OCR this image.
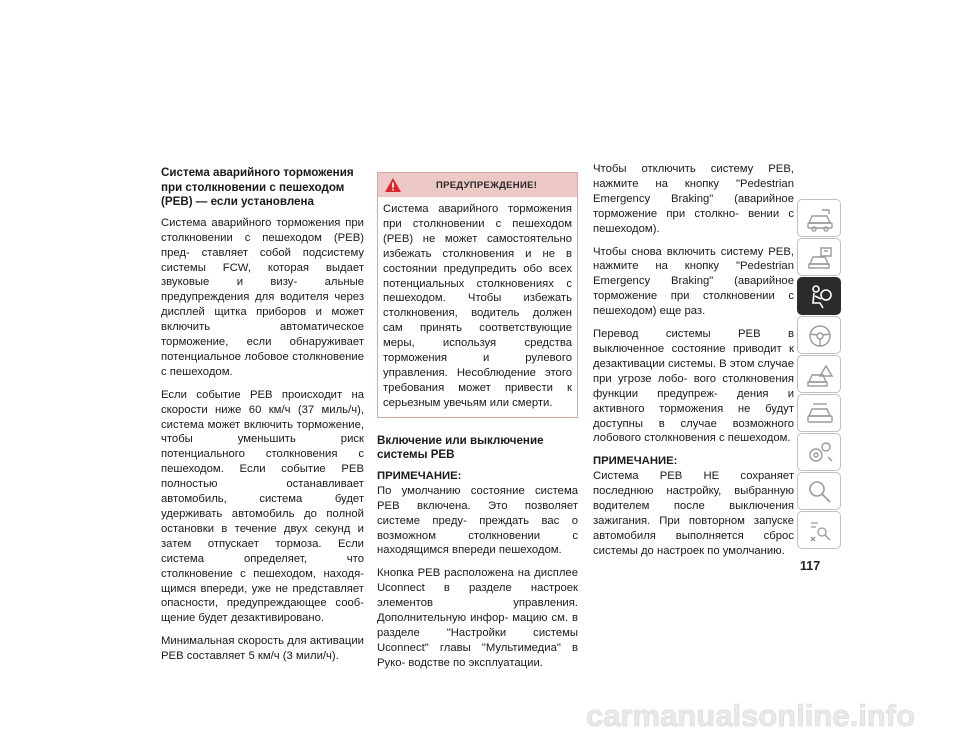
Система аварийного торможения при столкновении с пешеходом (PEB) — если установлена

Система аварийного торможения при столкновении с пешеходом (PEB) пред- ставляет собой подсистему системы FCW, которая выдает звуковые и визу- альные предупреждения для водителя через дисплей щитка приборов и может включить автоматическое торможение, если обнаруживает потенциальное лобовое столкновение с пешеходом.

Если событие PEB происходит на скорости ниже 60 км/ч (37 миль/ч), система может включить торможение, чтобы уменьшить риск потенциального столкновения с пешеходом. Если событие PEB полностью останавливает автомобиль, система будет удерживать автомобиль до полной остановки в течение двух секунд и затем отпускает тормоза. Если система определяет, что столкновение с пешеходом, находя- щимся впереди, уже не представляет опасности, предупреждающее сооб- щение будет дезактивировано.

Минимальная скорость для активации PEB составляет 5 км/ч (3 мили/ч).

ПРЕДУПРЕЖДЕНИЕ!

Система аварийного торможения при столкновении с пешеходом (PEB) не может самостоятельно избежать столкновения и не в состоянии предупредить обо всех потенциальных столкновениях с пешеходом. Чтобы избежать столкновения, водитель должен сам принять соответствующие меры, используя средства торможения и рулевого управления. Несоблюдение этого требования может привести к серьезным увечьям или смерти.

Включение или выключение системы PEB
ПРИМЕЧАНИЕ:

По умолчанию состояние система PEB включена. Это позволяет системе преду- преждать вас о возможном столкновении с находящимся впереди пешеходом.

Кнопка PEB расположена на дисплее Uconnect в разделе настроек элементов управления. Дополнительную инфор- мацию см. в разделе "Настройки системы Uconnect" главы "Мультимедиа" в Руко- водстве по эксплуатации.

Чтобы отключить систему PEB, нажмите на кнопку "Pedestrian Emergency Braking" (аварийное торможение при столкно- вении с пешеходом).

Чтобы снова включить систему PEB, нажмите на кнопку "Pedestrian Emergency Braking" (аварийное торможение при столкновении с пешеходом) еще раз.

Перевод системы PEB в выключенное состояние приводит к дезактивации системы. В этом случае при угрозе лобо- вого столкновения функции предупреж- дения и активного торможения не будут доступны в случае возможного лобового столкновения с пешеходом.

ПРИМЕЧАНИЕ:

Система PEB НЕ сохраняет последнюю настройку, выбранную водителем после выключения зажигания. При повторном запуске автомобиля выполняется сброс системы до настроек по умолчанию.

117
carmanualsonline.info
